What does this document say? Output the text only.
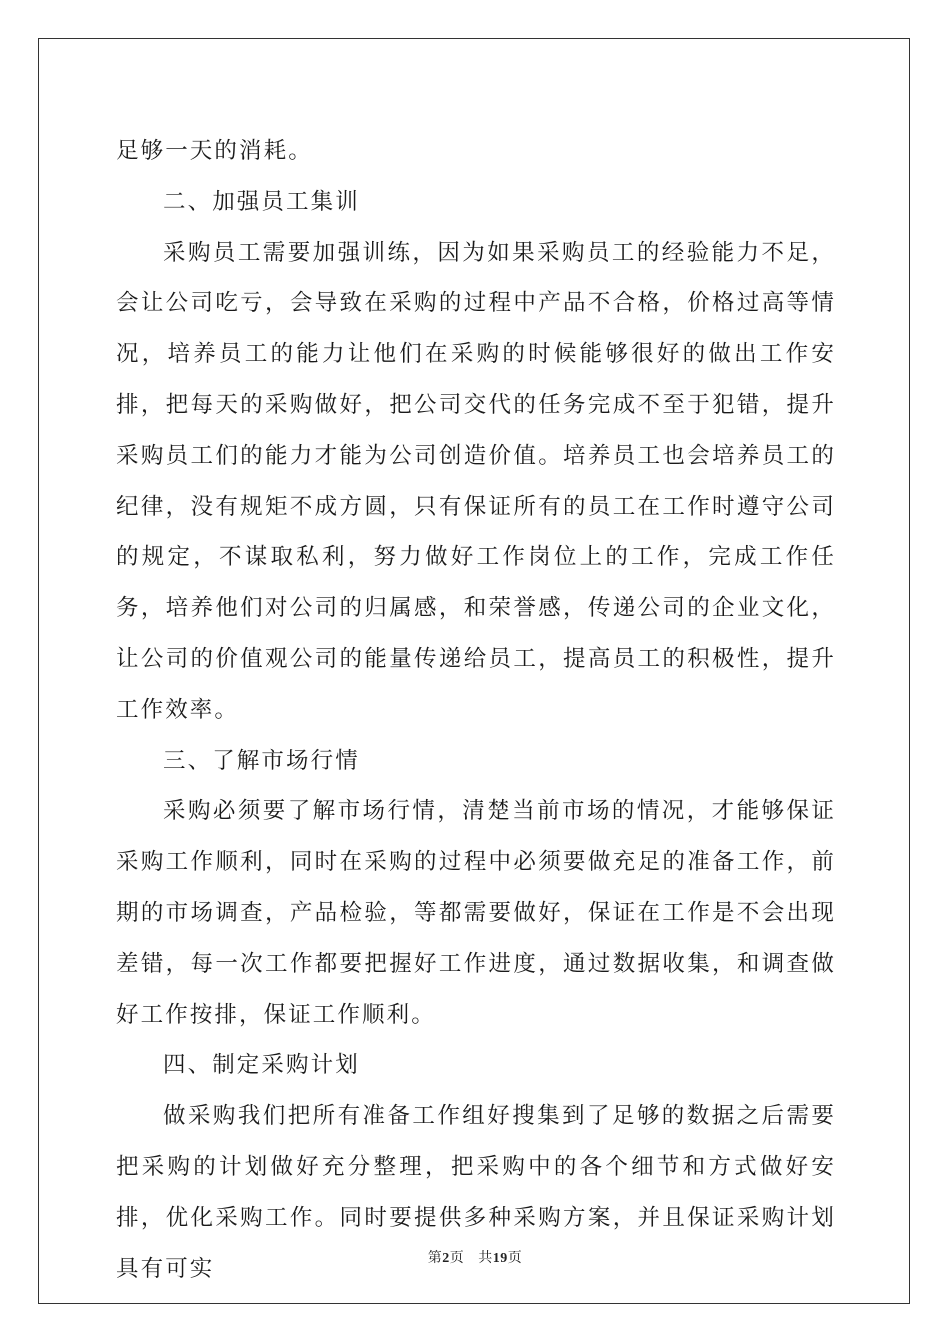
足够一天的消耗。

二、加强员工集训

采购员工需要加强训练，因为如果采购员工的经验能力不足，会让公司吃亏，会导致在采购的过程中产品不合格，价格过高等情况，培养员工的能力让他们在采购的时候能够很好的做出工作安排，把每天的采购做好，把公司交代的任务完成不至于犯错，提升采购员工们的能力才能为公司创造价值。培养员工也会培养员工的纪律，没有规矩不成方圆，只有保证所有的员工在工作时遵守公司的规定，不谋取私利，努力做好工作岗位上的工作，完成工作任务，培养他们对公司的归属感，和荣誉感，传递公司的企业文化，让公司的价值观公司的能量传递给员工，提高员工的积极性，提升工作效率。

三、了解市场行情

采购必须要了解市场行情，清楚当前市场的情况，才能够保证采购工作顺利，同时在采购的过程中必须要做充足的准备工作，前期的市场调查，产品检验，等都需要做好，保证在工作是不会出现差错，每一次工作都要把握好工作进度，通过数据收集，和调查做好工作按排，保证工作顺利。

四、制定采购计划

做采购我们把所有准备工作组好搜集到了足够的数据之后需要把采购的计划做好充分整理，把采购中的各个细节和方式做好安排，优化采购工作。同时要提供多种采购方案，并且保证采购计划具有可实	第2页 共19页
